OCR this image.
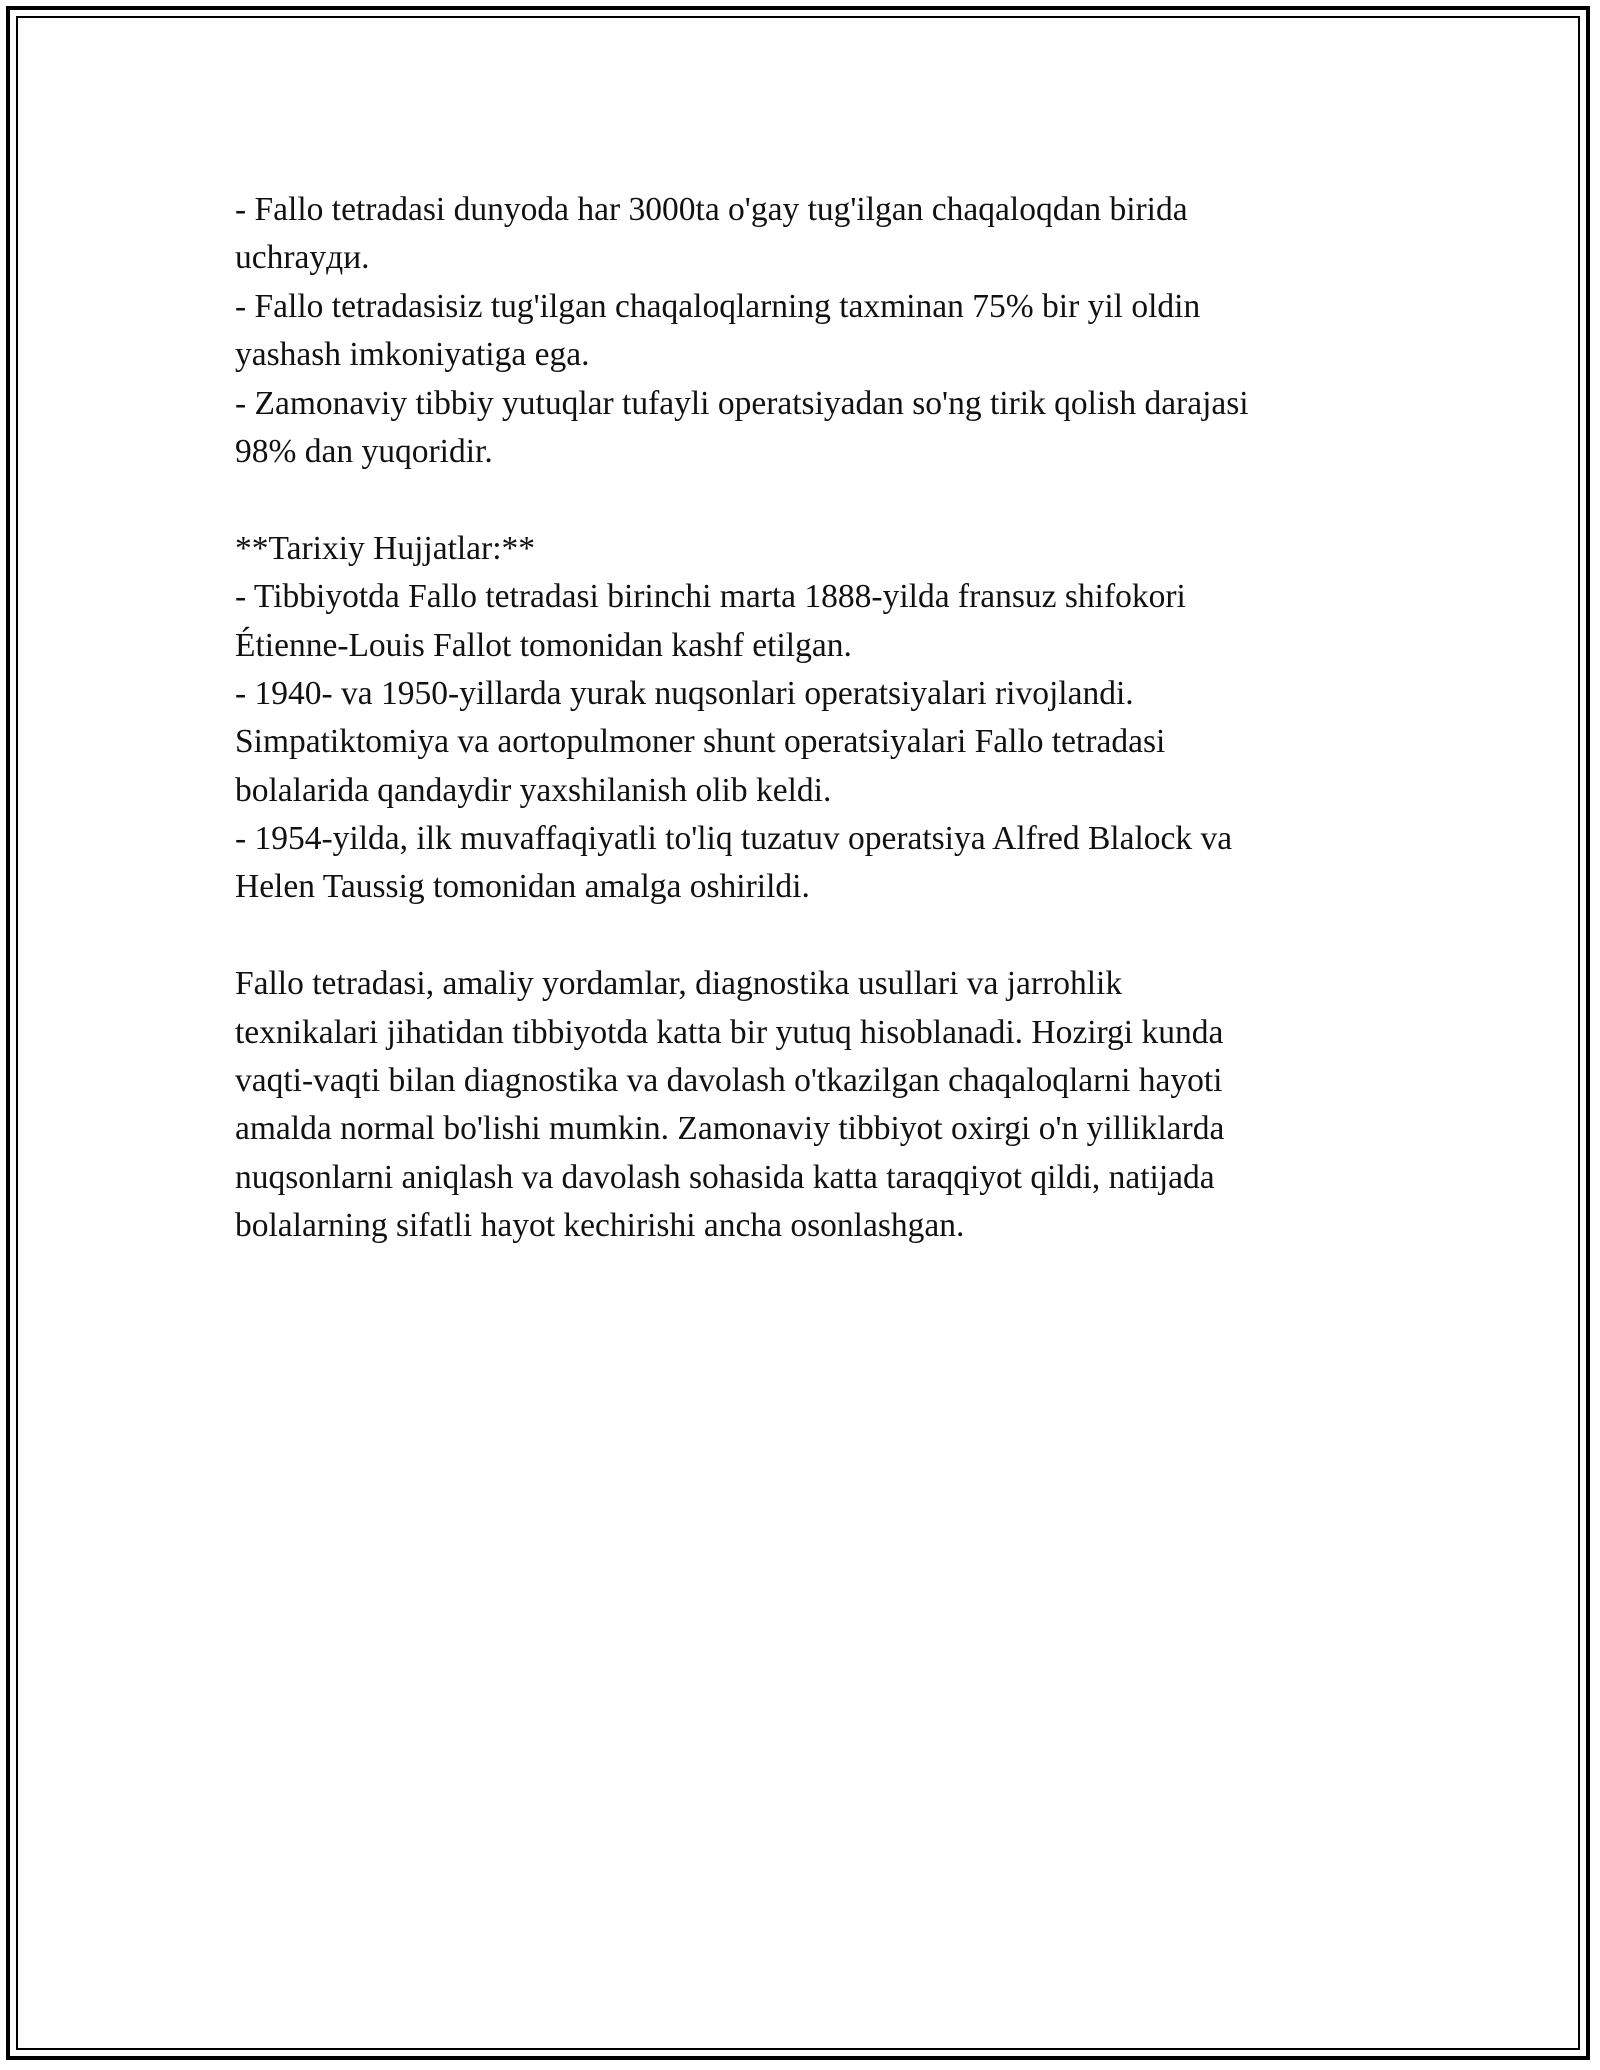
- Fallo tetradasi dunyoda har 3000ta o'gay tug'ilgan chaqaloqdan birida
uchrayди.
- Fallo tetradasisiz tug'ilgan chaqaloqlarning taxminan 75% bir yil oldin
yashash imkoniyatiga ega.
- Zamonaviy tibbiy yutuqlar tufayli operatsiyadan so'ng tirik qolish darajasi
98% dan yuqoridir.
**Tarixiy Hujjatlar:**
- Tibbiyotda Fallo tetradasi birinchi marta 1888-yilda fransuz shifokori
Étienne-Louis Fallot tomonidan kashf etilgan.
- 1940- va 1950-yillarda yurak nuqsonlari operatsiyalari rivojlandi.
Simpatiktomiya va aortopulmoner shunt operatsiyalari Fallo tetradasi
bolalarida qandaydir yaxshilanish olib keldi.
- 1954-yilda, ilk muvaffaqiyatli to'liq tuzatuv operatsiya Alfred Blalock va
Helen Taussig tomonidan amalga oshirildi.
Fallo tetradasi, amaliy yordamlar, diagnostika usullari va jarrohlik
texnikalari jihatidan tibbiyotda katta bir yutuq hisoblanadi. Hozirgi kunda
vaqti-vaqti bilan diagnostika va davolash o'tkazilgan chaqaloqlarni hayoti
amalda normal bo'lishi mumkin. Zamonaviy tibbiyot oxirgi o'n yilliklarda
nuqsonlarni aniqlash va davolash sohasida katta taraqqiyot qildi, natijada
bolalarning sifatli hayot kechirishi ancha osonlashgan.
